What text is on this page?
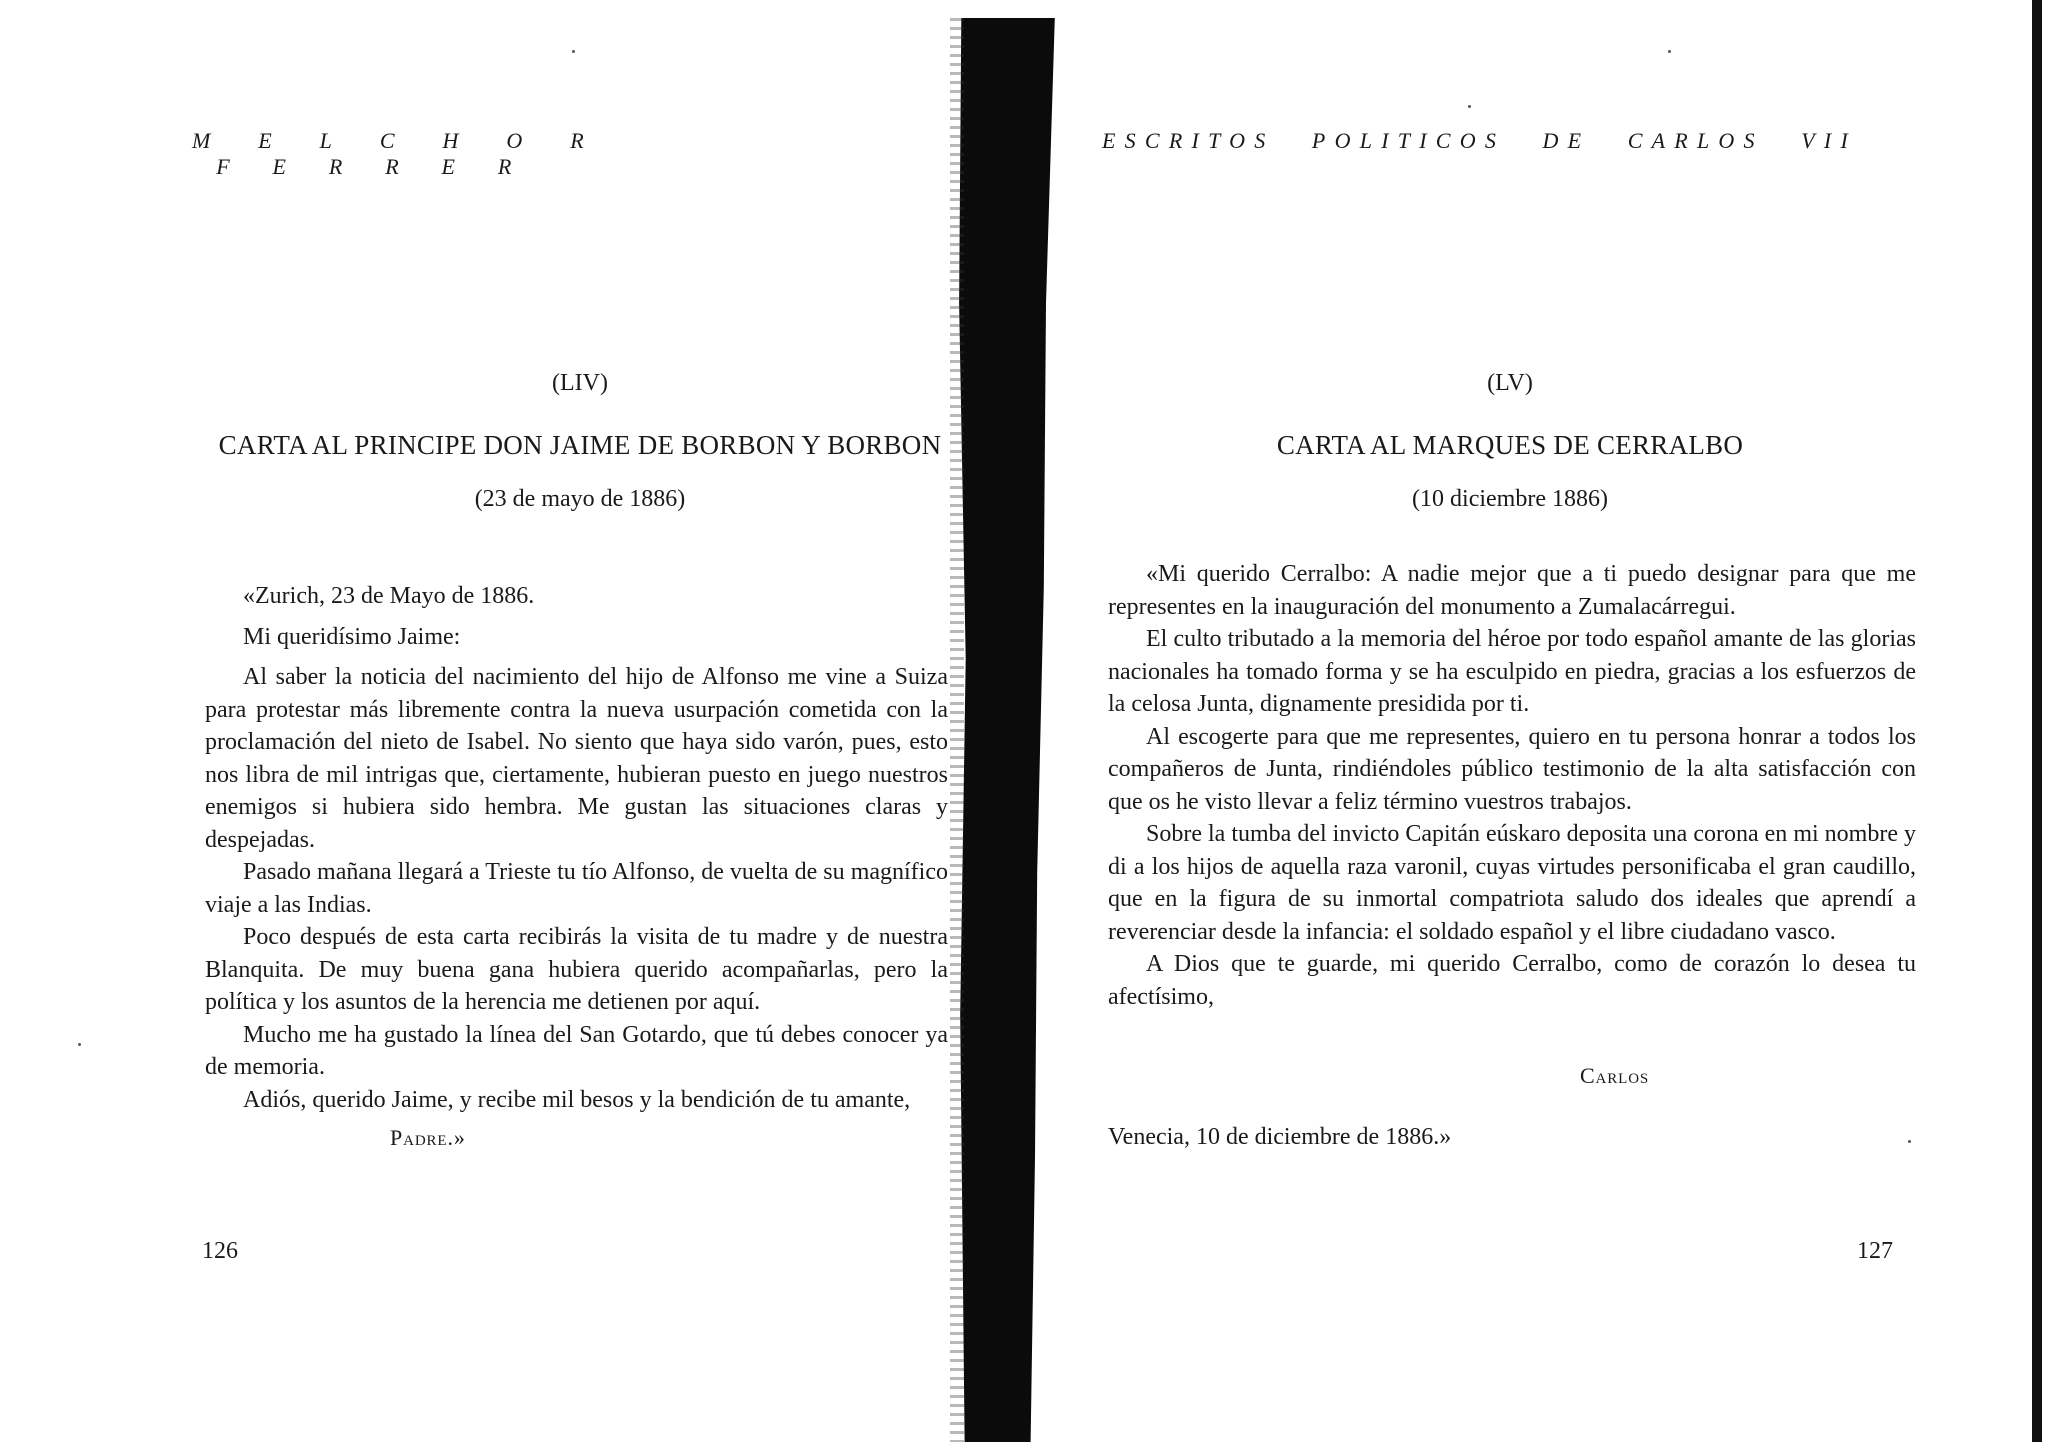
MELCHORFERRER
(LIV)
CARTA AL PRINCIPE DON JAIME DE BORBON Y BORBON
(23 de mayo de 1886)

«Zurich, 23 de Mayo de 1886.

Mi queridísimo Jaime:

Al saber la noticia del nacimiento del hijo de Alfonso me vine a Suiza para protestar más libremente contra la nueva usurpación cometida con la proclamación del nieto de Isabel. No siento que haya sido varón, pues, esto nos libra de mil intrigas que, ciertamente, hubieran puesto en juego nuestros enemigos si hubiera sido hembra. Me gustan las situaciones claras y despejadas.

Pasado mañana llegará a Trieste tu tío Alfonso, de vuelta de su magnífico viaje a las Indias.

Poco después de esta carta recibirás la visita de tu madre y de nuestra Blanquita. De muy buena gana hubiera querido acompañarlas, pero la política y los asuntos de la herencia me detienen por aquí.

Mucho me ha gustado la línea del San Gotardo, que tú debes conocer ya de memoria.

Adiós, querido Jaime, y recibe mil besos y la bendición de tu amante,

Padre.»
126
ESCRITOS POLITICOS DE CARLOS VII
(LV)
CARTA AL MARQUES DE CERRALBO
(10 diciembre 1886)

«Mi querido Cerralbo: A nadie mejor que a ti puedo designar para que me representes en la inauguración del monumento a Zumalacárregui.

El culto tributado a la memoria del héroe por todo español amante de las glorias nacionales ha tomado forma y se ha esculpido en piedra, gracias a los esfuerzos de la celosa Junta, dignamente presidida por ti.

Al escogerte para que me representes, quiero en tu persona honrar a todos los compañeros de Junta, rindiéndoles público testimonio de la alta satisfacción con que os he visto llevar a feliz término vuestros trabajos.

Sobre la tumba del invicto Capitán eúskaro deposita una corona en mi nombre y di a los hijos de aquella raza varonil, cuyas virtudes personificaba el gran caudillo, que en la figura de su inmortal compatriota saludo dos ideales que aprendí a reverenciar desde la infancia: el soldado español y el libre ciudadano vasco.

A Dios que te guarde, mi querido Cerralbo, como de corazón lo desea tu afectísimo,

Carlos
Venecia, 10 de diciembre de 1886.»
127
